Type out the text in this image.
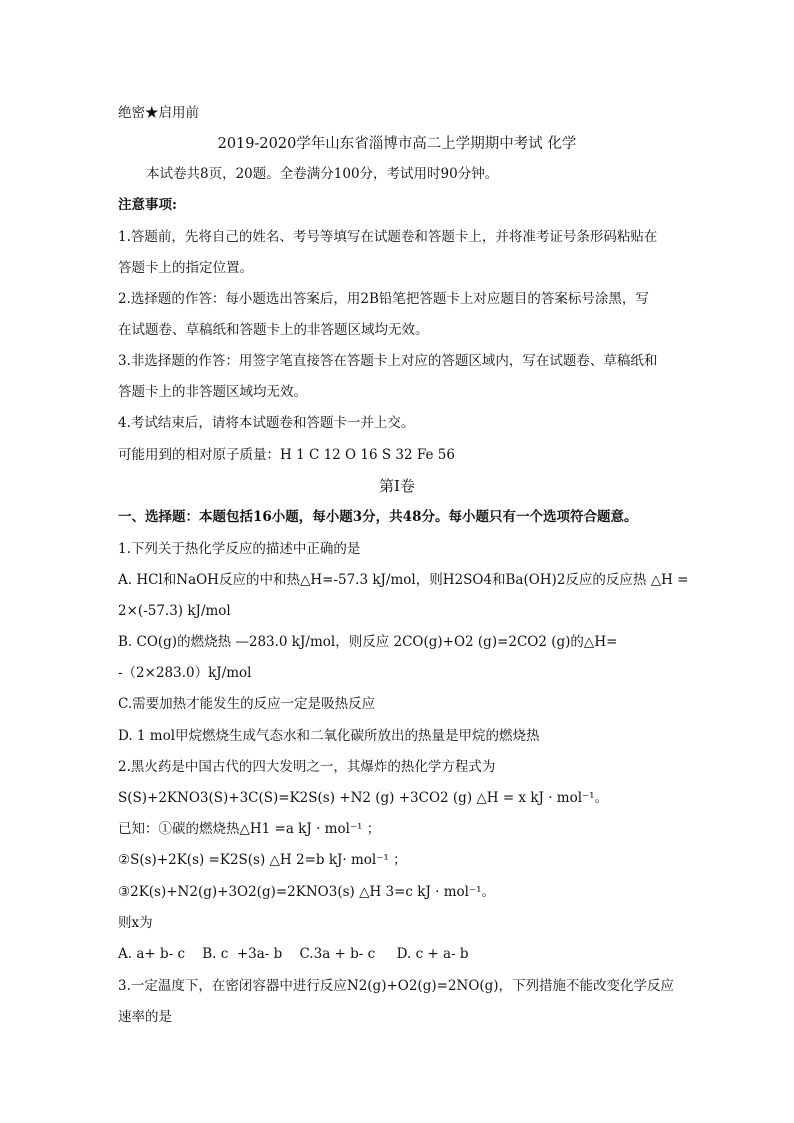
绝密★启用前
2019-2020学年山东省淄博市高二上学期期中考试 化学
本试卷共8页，20题。全卷满分100分，考试用时90分钟。
注意事项:
1.答题前，先将自己的姓名、考号等填写在试题卷和答题卡上，并将准考证号条形码粘贴在
答题卡上的指定位置。
2.选择题的作答：每小题选出答案后，用2B铅笔把答题卡上对应题目的答案标号涂黑，写
在试题卷、草稿纸和答题卡上的非答题区域均无效。
3.非选择题的作答：用签字笔直接答在答题卡上对应的答题区域内，写在试题卷、草稿纸和
答题卡上的非答题区域均无效。
4.考试结束后，请将本试题卷和答题卡一并上交。
可能用到的相对原子质量：H 1 C 12 O 16 S 32 Fe 56
第Ⅰ卷
一、选择题：本题包括16小题，每小题3分，共48分。每小题只有一个选项符合题意。
1.下列关于热化学反应的描述中正确的是
A. HCl和NaOH反应的中和热△H=-57.3 kJ/mol，则H2SO4和Ba(OH)2反应的反应热 △H =
2×(-57.3) kJ/mol
B. CO(g)的燃烧热 —283.0 kJ/mol，则反应 2CO(g)+O2 (g)=2CO2 (g)的△H=
-（2×283.0）kJ/mol
C.需要加热才能发生的反应一定是吸热反应
D. 1 mol甲烷燃烧生成气态水和二氧化碳所放出的热量是甲烷的燃烧热
2.黑火药是中国古代的四大发明之一，其爆炸的热化学方程式为
S(S)+2KNO3(S)+3C(S)=K2S(s) +N2 (g) +3CO2 (g) △H = x kJ · mol⁻¹。
已知：①碳的燃烧热△H1 =a kJ · mol⁻¹ ；
②S(s)+2K(s) =K2S(s) △H 2=b kJ· mol⁻¹ ；
③2K(s)+N2(g)+3O2(g)=2KNO3(s) △H 3=c kJ · mol⁻¹。
则x为
A. a+ b- c    B. c  +3a- b    C.3a + b- c     D. c + a- b
3.一定温度下，在密闭容器中进行反应N2(g)+O2(g)=2NO(g)，下列措施不能改变化学反应
速率的是
